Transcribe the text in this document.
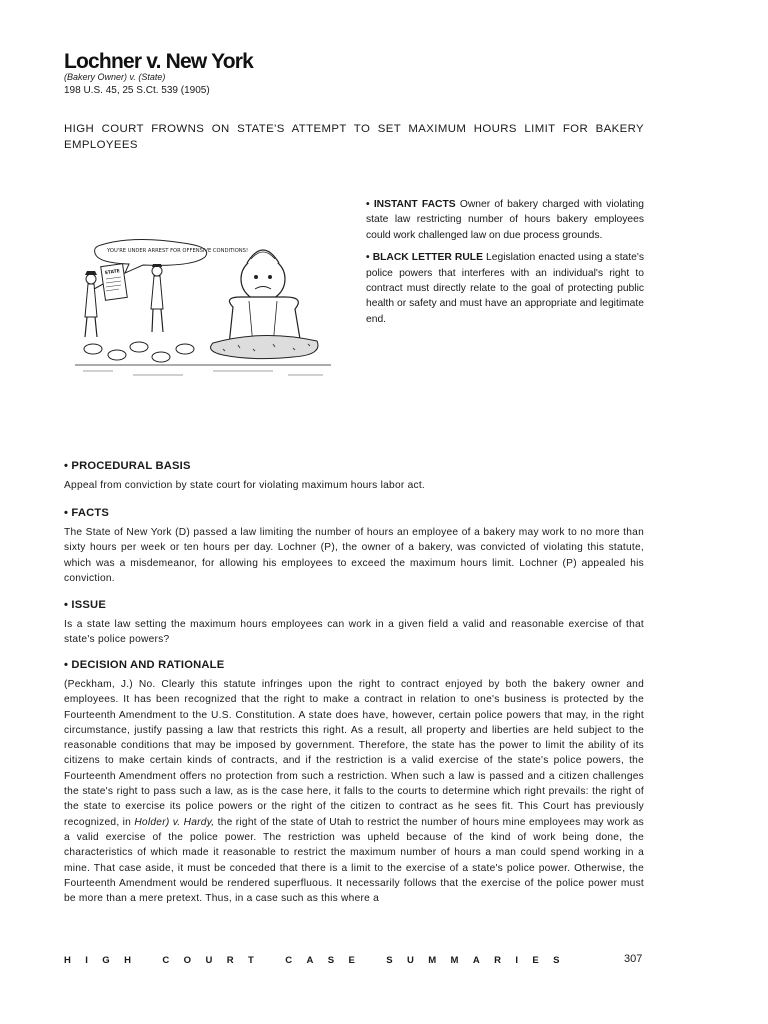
Lochner v. New York
(Bakery Owner) v. (State)
198 U.S. 45, 25 S.Ct. 539 (1905)
HIGH COURT FROWNS ON STATE'S ATTEMPT TO SET MAXIMUM HOURS LIMIT FOR BAKERY EMPLOYEES
YOU'RE UNDER ARREST FOR OFFENSIVE CONDITIONS!
STATE

• INSTANT FACTS Owner of bakery charged with violating state law restricting number of hours bakery employees could work challenged law on due process grounds.

• BLACK LETTER RULE Legislation enacted using a state's police powers that interferes with an individual's right to contract must directly relate to the goal of protecting public health or safety and must have an appropriate and legitimate end.

• PROCEDURAL BASIS

Appeal from conviction by state court for violating maximum hours labor act.

• FACTS

The State of New York (D) passed a law limiting the number of hours an employee of a bakery may work to no more than sixty hours per week or ten hours per day. Lochner (P), the owner of a bakery, was convicted of violating this statute, which was a misdemeanor, for allowing his employees to exceed the maximum hours limit. Lochner (P) appealed his conviction.

• ISSUE

Is a state law setting the maximum hours employees can work in a given field a valid and reasonable exercise of that state's police powers?

• DECISION AND RATIONALE

(Peckham, J.) No. Clearly this statute infringes upon the right to contract enjoyed by both the bakery owner and employees. It has been recognized that the right to make a contract in relation to one's business is protected by the Fourteenth Amendment to the U.S. Constitution. A state does have, however, certain police powers that may, in the right circumstance, justify passing a law that restricts this right. As a result, all property and liberties are held subject to the reasonable conditions that may be imposed by government. Therefore, the state has the power to limit the ability of its citizens to make certain kinds of contracts, and if the restriction is a valid exercise of the state's police powers, the Fourteenth Amendment offers no protection from such a restriction. When such a law is passed and a citizen challenges the state's right to pass such a law, as is the case here, it falls to the courts to determine which right prevails: the right of the state to exercise its police powers or the right of the citizen to contract as he sees fit. This Court has previously recognized, in Holder) v. Hardy, the right of the state of Utah to restrict the number of hours mine employees may work as a valid exercise of the police power. The restriction was upheld because of the kind of work being done, the characteristics of which made it reasonable to restrict the maximum number of hours a man could spend working in a mine. That case aside, it must be conceded that there is a limit to the exercise of a state's police power. Otherwise, the Fourteenth Amendment would be rendered superfluous. It necessarily follows that the exercise of the police power must be more than a mere pretext. Thus, in a case such as this where a

HIGH COURT CASE SUMMARIES	307
